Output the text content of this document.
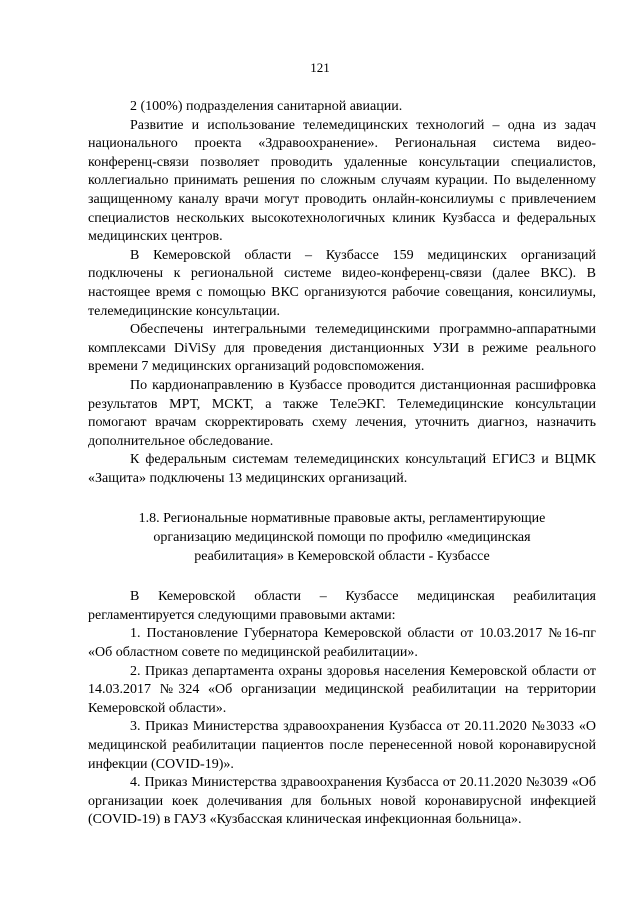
121

2 (100%) подразделения санитарной авиации.

Развитие и использование телемедицинских технологий – одна из задач национального проекта «Здравоохранение». Региональная система видео-конференц-связи позволяет проводить удаленные консультации специалистов, коллегиально принимать решения по сложным случаям курации. По выделенному защищенному каналу врачи могут проводить онлайн-консилиумы с привлечением специалистов нескольких высокотехнологичных клиник Кузбасса и федеральных медицинских центров.

В Кемеровской области – Кузбассе 159 медицинских организаций подключены к региональной системе видео-конференц-связи (далее ВКС). В настоящее время с помощью ВКС организуются рабочие совещания, консилиумы, телемедицинские консультации.

Обеспечены интегральными телемедицинскими программно-аппаратными комплексами DiViSy для проведения дистанционных УЗИ в режиме реального времени 7 медицинских организаций родовспоможения.

По кардионаправлению в Кузбассе проводится дистанционная расшифровка результатов МРТ, МСКТ, а также ТелеЭКГ. Телемедицинские консультации помогают врачам скорректировать схему лечения, уточнить диагноз, назначить дополнительное обследование.

К федеральным системам телемедицинских консультаций ЕГИСЗ и ВЦМК «Защита» подключены 13 медицинских организаций.

1.8. Региональные нормативные правовые акты, регламентирующие
организацию медицинской помощи по профилю «медицинская
реабилитация» в Кемеровской области - Кузбассе

В Кемеровской области – Кузбассе медицинская реабилитация регламентируется следующими правовыми актами:

1. Постановление Губернатора Кемеровской области от 10.03.2017 №16-пг «Об областном совете по медицинской реабилитации».

2. Приказ департамента охраны здоровья населения Кемеровской области от 14.03.2017 №324 «Об организации медицинской реабилитации на территории Кемеровской области».

3. Приказ Министерства здравоохранения Кузбасса от 20.11.2020 №3033 «О медицинской реабилитации пациентов после перенесенной новой коронавирусной инфекции (COVID-19)».

4. Приказ Министерства здравоохранения Кузбасса от 20.11.2020 №3039 «Об организации коек долечивания для больных новой коронавирусной инфекцией (COVID-19) в ГАУЗ «Кузбасская клиническая инфекционная больница».
